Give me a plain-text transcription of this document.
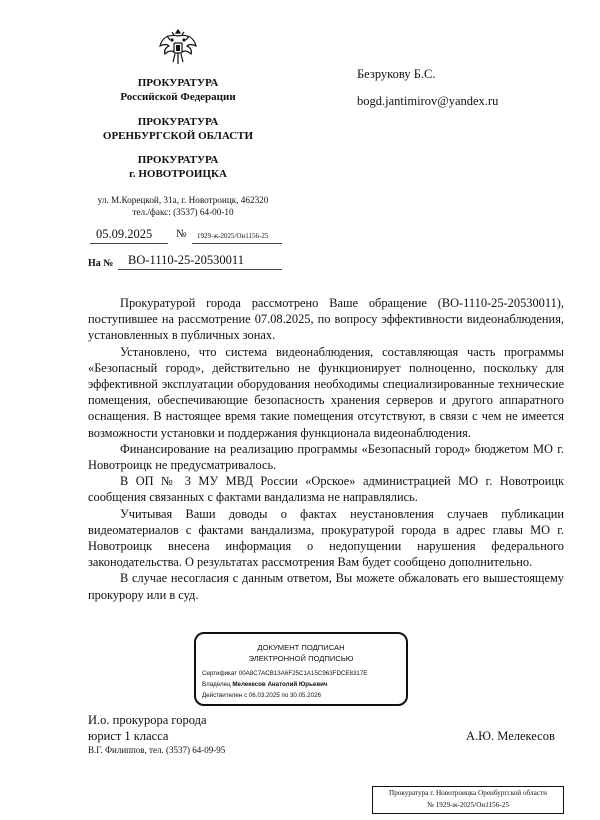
ПРОКУРАТУРА
Российской Федерации
ПРОКУРАТУРА
ОРЕНБУРГСКОЙ ОБЛАСТИ
ПРОКУРАТУРА
г. НОВОТРОИЦКА
ул. М.Корецкой, 31а, г. Новотроицк, 462320
тел./факс: (3537) 64-00-10
05.09.2025 № 1929-ж-2025/Он1156-25
На № ВО-1110-25-20530011
Безрукову Б.С.
bogd.jantimirov@yandex.ru

Прокуратурой города рассмотрено Ваше обращение (ВО-1110-25-20530011), поступившее на рассмотрение 07.08.2025, по вопросу эффективности видеонаблюдения, установленных в публичных зонах.

Установлено, что система видеонаблюдения, составляющая часть программы «Безопасный город», действительно не функционирует полноценно, поскольку для эффективной эксплуатации оборудования необходимы специализированные технические помещения, обеспечивающие безопасность хранения серверов и другого аппаратного оснащения. В настоящее время такие помещения отсутствуют, в связи с чем не имеется возможности установки и поддержания функционала видеонаблюдения.

Финансирование на реализацию программы «Безопасный город» бюджетом МО г. Новотроицк не предусматривалось.

В ОП № 3 МУ МВД России «Орское» администрацией МО г. Новотроицк сообщения связанных с фактами вандализма не направлялись.

Учитывая Ваши доводы о фактах неустановления случаев публикации видеоматериалов с фактами вандализма, прокуратурой города в адрес главы МО г. Новотроицк внесена информация о недопущении нарушения федерального законодательства. О результатах рассмотрения Вам будет сообщено дополнительно.

В случае несогласия с данным ответом, Вы можете обжаловать его вышестоящему прокурору или в суд.

ДОКУМЕНТ ПОДПИСАН
ЭЛЕКТРОННОЙ ПОДПИСЬЮ
Сертификат 00A8C7ACB13A6F25C1A15C963FDCE8317E
Владелец Мелекесов Анатолий Юрьевич
Действителен с 06.03.2025 по 30.05.2026
И.о. прокурора города
юрист 1 класса	А.Ю. Мелекесов
В.Г. Филиппов, тел. (3537) 64-09-95
Прокуратура г. Новотроицка Оренбургской области
№ 1929-ж-2025/Он1156-25
